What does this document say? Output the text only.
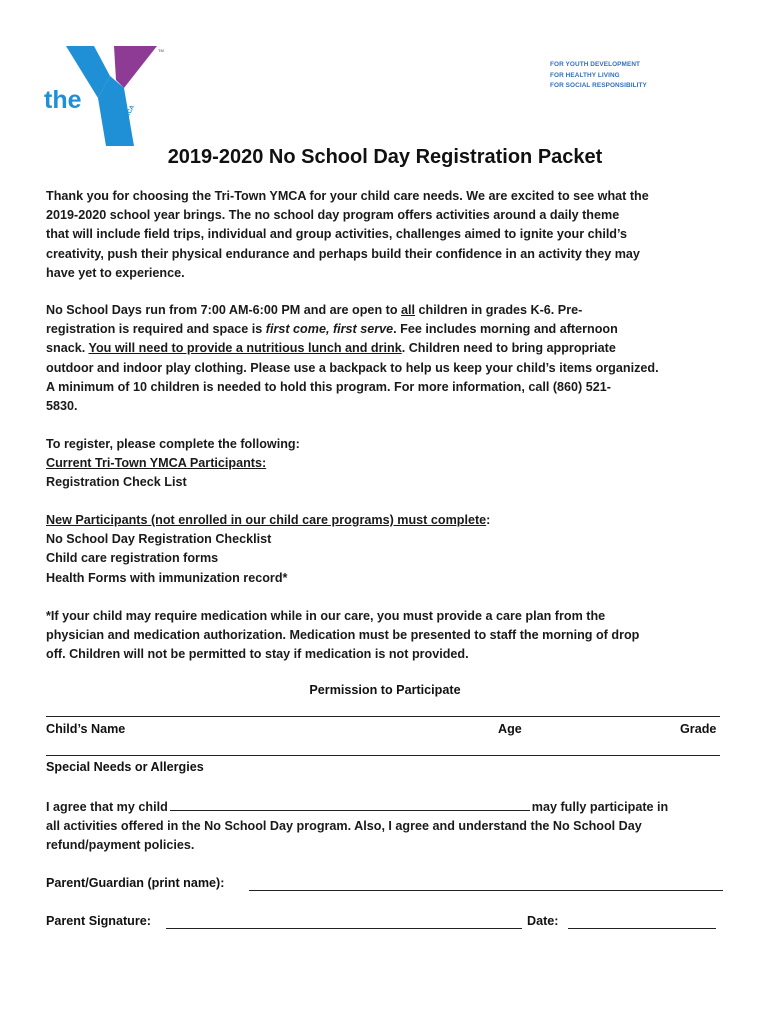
the	YMCA
TM
FOR YOUTH DEVELOPMENT
FOR HEALTHY LIVING
FOR SOCIAL RESPONSIBILITY
2019-2020 No School Day Registration Packet
Thank you for choosing the Tri-Town YMCA for your child care needs. We are excited to see what the
2019-2020 school year brings. The no school day program offers activities around a daily theme
that will include field trips, individual and group activities, challenges aimed to ignite your child’s
creativity, push their physical endurance and perhaps build their confidence in an activity they may
have yet to experience.
No School Days run from 7:00 AM-6:00 PM and are open to all children in grades K-6. Pre-
registration is required and space is first come, first serve. Fee includes morning and afternoon
snack. You will need to provide a nutritious lunch and drink. Children need to bring appropriate
outdoor and indoor play clothing. Please use a backpack to help us keep your child’s items organized.
A minimum of 10 children is needed to hold this program. For more information, call (860) 521-
5830.
To register, please complete the following:
Current Tri-Town YMCA Participants:
Registration Check List
New Participants (not enrolled in our child care programs) must complete:
No School Day Registration Checklist
Child care registration forms
Health Forms with immunization record*
*If your child may require medication while in our care, you must provide a care plan from the
physician and medication authorization. Medication must be presented to staff the morning of drop
off. Children will not be permitted to stay if medication is not provided.
Permission to Participate
Child’s Name	Age	Grade
Special Needs or Allergies
I agree that my child	may fully participate in
all activities offered in the No School Day program. Also, I agree and understand the No School Day
refund/payment policies.
Parent/Guardian (print name):
Parent Signature:	Date:
